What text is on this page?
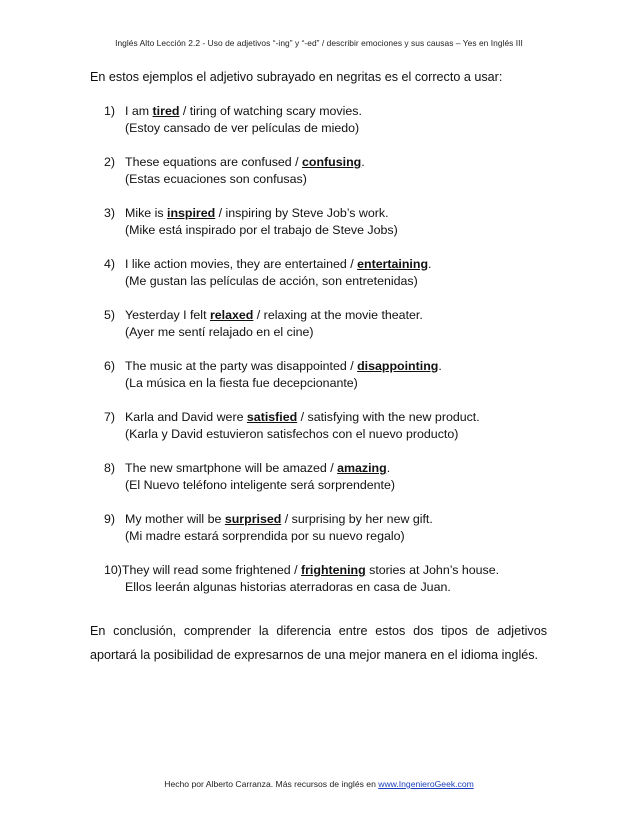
Inglés Alto Lección 2.2 - Uso de adjetivos “-ing” y “-ed” / describir emociones y sus causas – Yes en Inglés III
En estos ejemplos el adjetivo subrayado en negritas es el correcto a usar:
1) I am tired / tiring of watching scary movies.
(Estoy cansado de ver películas de miedo)
2) These equations are confused / confusing.
(Estas ecuaciones son confusas)
3) Mike is inspired / inspiring by Steve Job’s work.
(Mike está inspirado por el trabajo de Steve Jobs)
4) I like action movies, they are entertained / entertaining.
(Me gustan las películas de acción, son entretenidas)
5) Yesterday I felt relaxed / relaxing at the movie theater.
(Ayer me sentí relajado en el cine)
6) The music at the party was disappointed / disappointing.
(La música en la fiesta fue decepcionante)
7) Karla and David were satisfied / satisfying with the new product.
(Karla y David estuvieron satisfechos con el nuevo producto)
8) The new smartphone will be amazed / amazing.
(El Nuevo teléfono inteligente será sorprendente)
9) My mother will be surprised / surprising by her new gift.
(Mi madre estará sorprendida por su nuevo regalo)
10)They will read some frightened / frightening stories at John’s house.
Ellos leerán algunas historias aterradoras en casa de Juan.
En conclusión, comprender la diferencia entre estos dos tipos de adjetivos aportará la posibilidad de expresarnos de una mejor manera en el idioma inglés.
Hecho por Alberto Carranza. Más recursos de inglés en www.IngenieroGeek.com
